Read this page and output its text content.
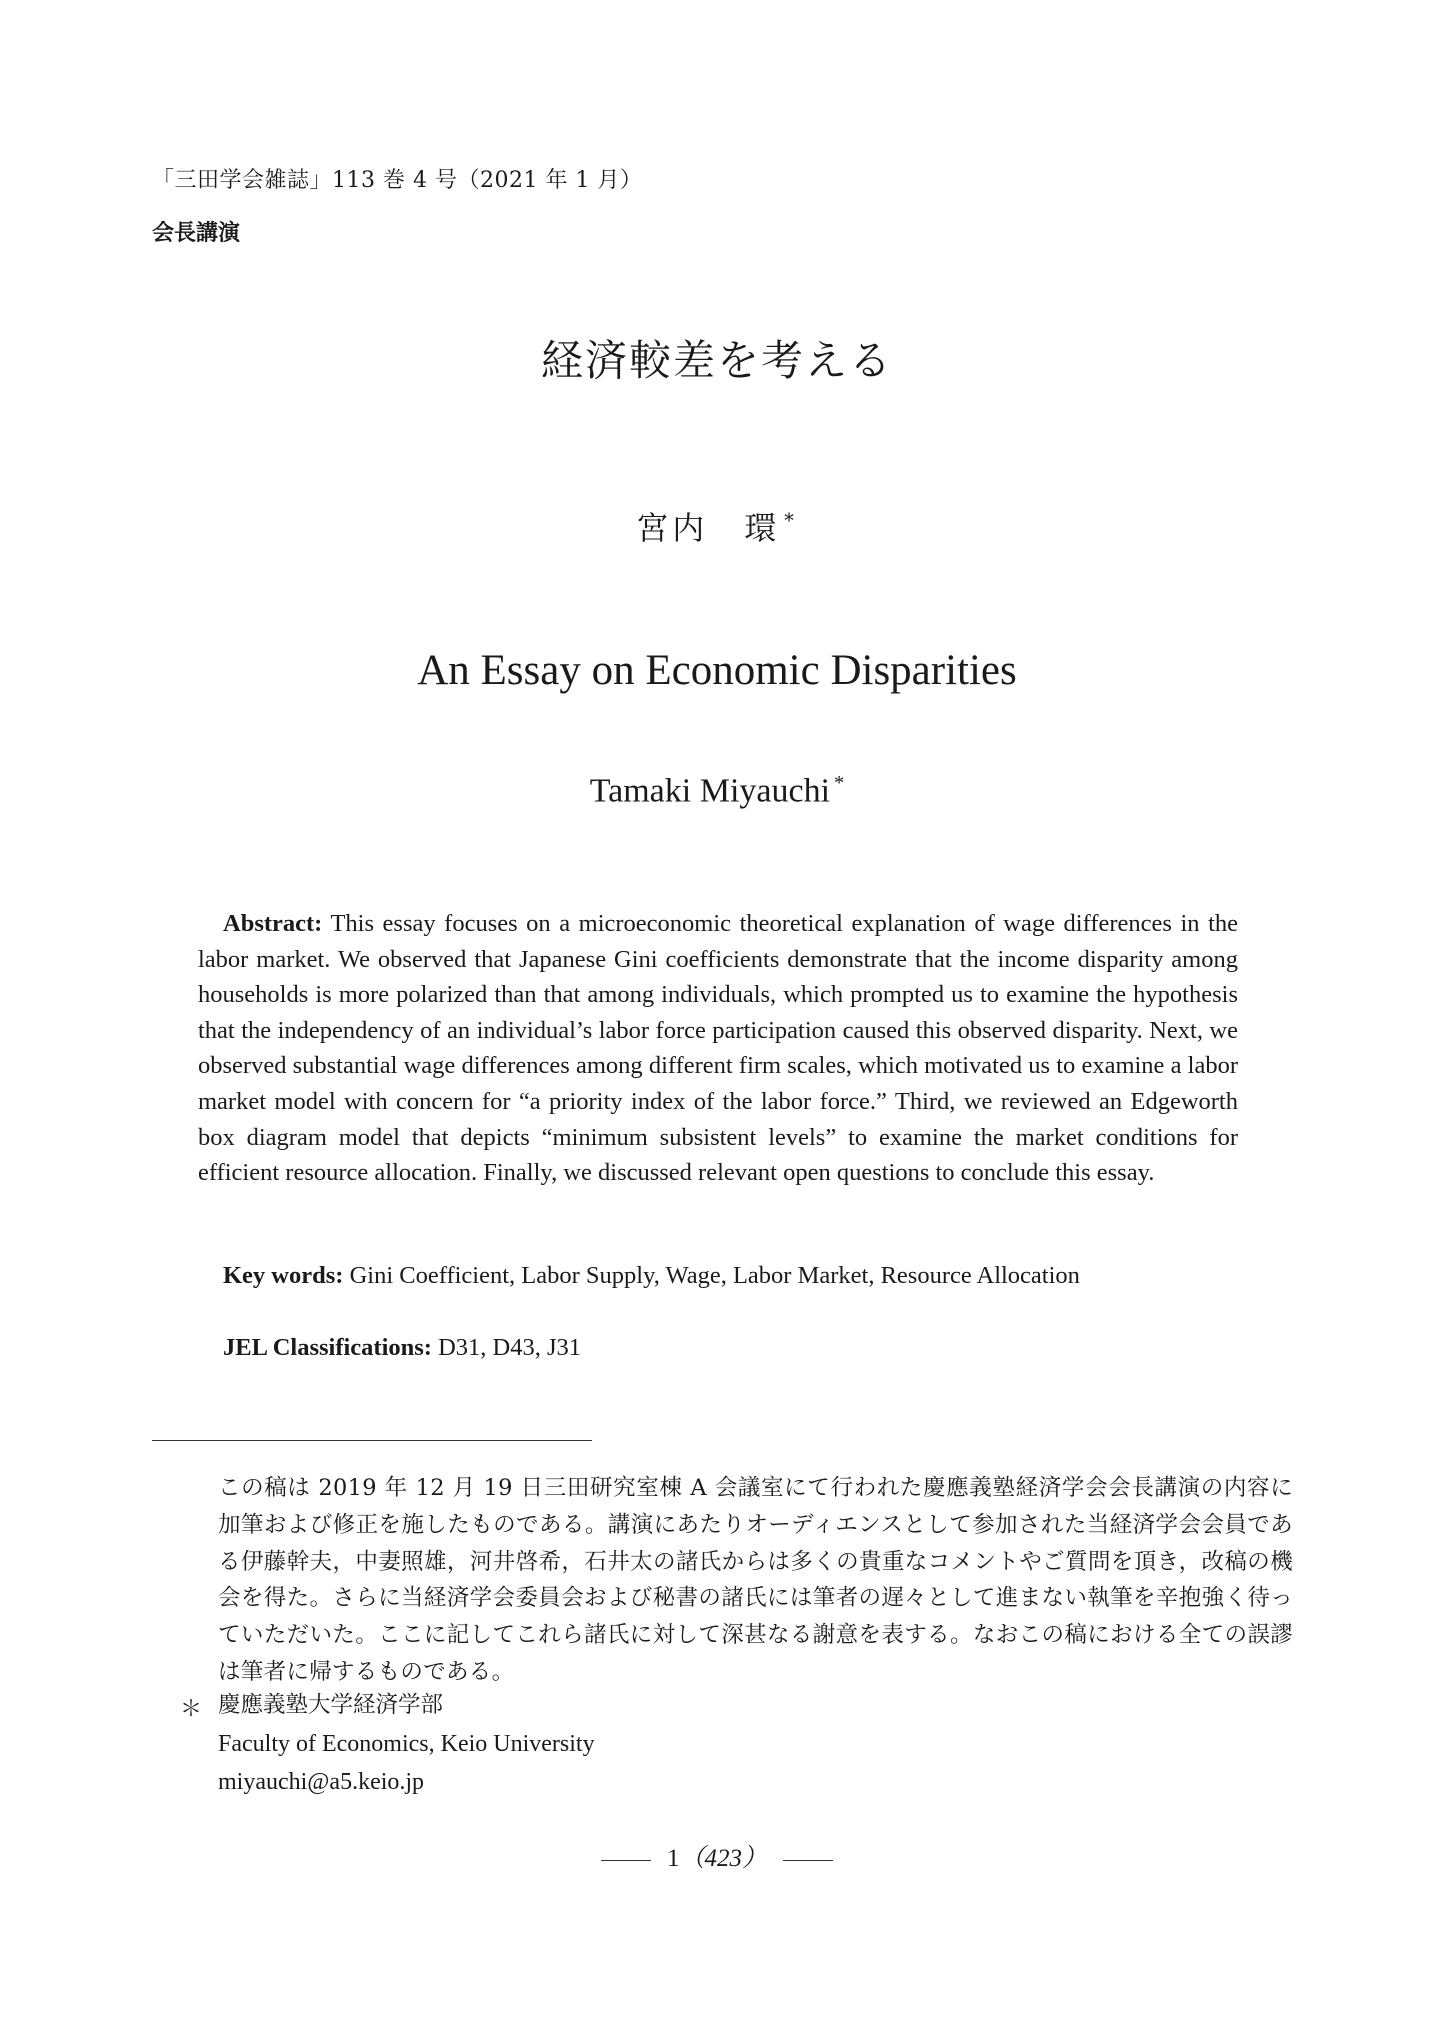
「三田学会雑誌」113 巻 4 号（2021 年 1 月）
会長講演
経済較差を考える
宮内　環 *
An Essay on Economic Disparities
Tamaki Miyauchi *

Abstract: This essay focuses on a microeconomic theoretical explanation of wage differences in the labor market. We observed that Japanese Gini coefficients demonstrate that the income disparity among households is more polarized than that among individuals, which prompted us to examine the hypothesis that the independency of an individual’s labor force participation caused this observed disparity. Next, we observed substantial wage differences among different firm scales, which motivated us to examine a labor market model with concern for “a priority index of the labor force.” Third, we reviewed an Edgeworth box diagram model that depicts “minimum subsistent levels” to examine the market conditions for efficient resource allocation. Finally, we discussed relevant open questions to conclude this essay.

Key words: Gini Coefficient, Labor Supply, Wage, Labor Market, Resource Allocation
JEL Classifications: D31, D43, J31

この稿は 2019 年 12 月 19 日三田研究室棟 A 会議室にて行われた慶應義塾経済学会会長講演の内容に加筆および修正を施したものである。講演にあたりオーディエンスとして参加された当経済学会会員である伊藤幹夫，中妻照雄，河井啓希，石井太の諸氏からは多くの貴重なコメントやご質問を頂き，改稿の機会を得た。さらに当経済学会委員会および秘書の諸氏には筆者の遅々として進まない執筆を辛抱強く待っていただいた。ここに記してこれら諸氏に対して深甚なる謝意を表する。なおこの稿における全ての誤謬は筆者に帰するものである。

＊ 慶應義塾大学経済学部
Faculty of Economics, Keio University
miyauchi@a5.keio.jp
1（423）
